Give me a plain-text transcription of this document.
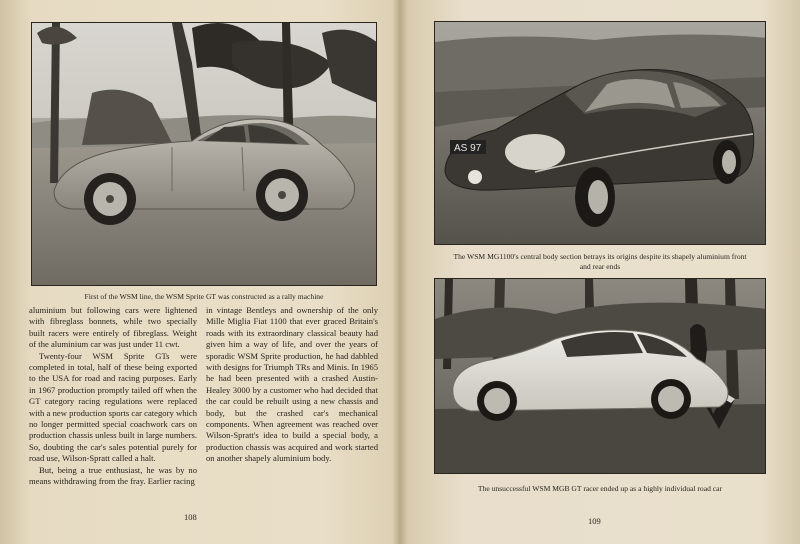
First of the WSM line, the WSM Sprite GT was constructed as a rally machine

aluminium but following cars were lightened with fibreglass bonnets, while two specially built racers were entirely of fibreglass. Weight of the aluminium car was just under 11 cwt.

Twenty-four WSM Sprite GTs were completed in total, half of these being exported to the USA for road and racing purposes. Early in 1967 production promptly tailed off when the GT category racing regulations were replaced with a new production sports car category which no longer permitted special coachwork cars on production chassis unless built in large numbers. So, doubting the car's sales potential purely for road use, Wilson-Spratt called a halt.

But, being a true enthusiast, he was by no means withdrawing from the fray. Earlier racing

in vintage Bentleys and ownership of the only Mille Miglia Fiat 1100 that ever graced Britain's roads with its extraordinary classical beauty had given him a way of life, and over the years of sporadic WSM Sprite production, he had dabbled with designs for Triumph TRs and Minis. In 1965 he had been presented with a crashed Austin-Healey 3000 by a customer who had decided that the car could be rebuilt using a new chassis and body, but the crashed car's mechanical components. When agreement was reached over Wilson-Spratt's idea to build a special body, a production chassis was acquired and work started on another shapely aluminium body.

108
AS 97
The WSM MG1100's central body section betrays its origins despite its shapely aluminium front and rear ends
The unsuccessful WSM MGB GT racer ended up as a highly individual road car
109
